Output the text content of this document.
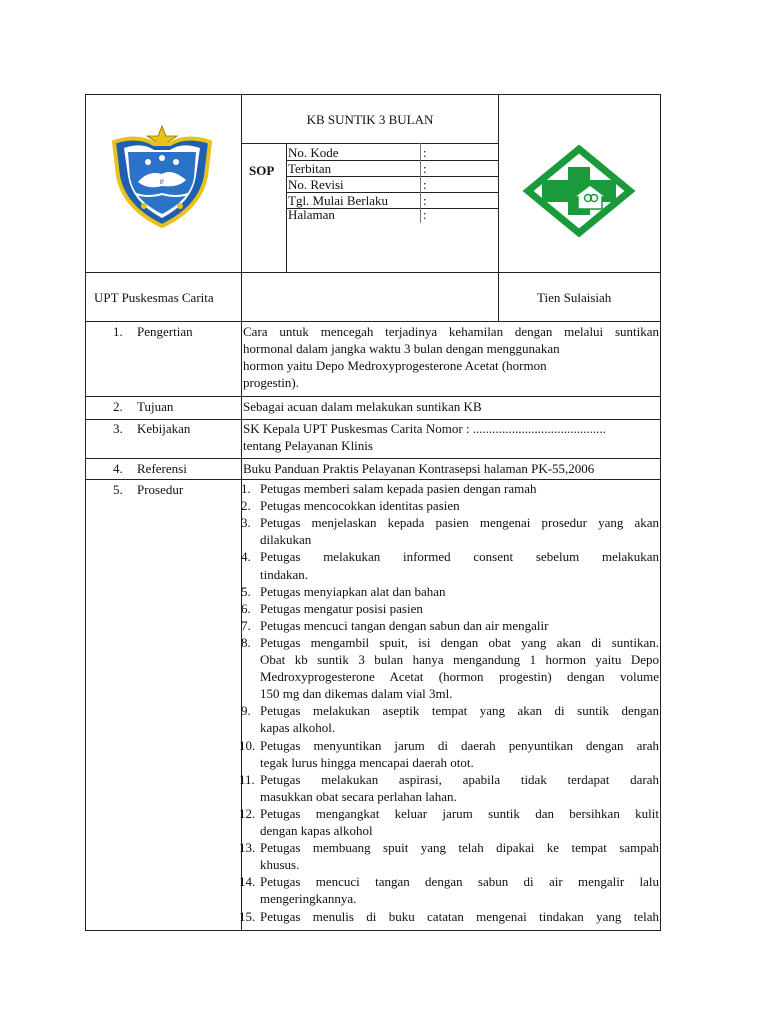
ᥱ
KB SUNTIK 3 BULAN
SOP
No. Kode
Terbitan
No. Revisi
Tgl. Mulai Berlaku
Halaman
:
:
:
:
:
UPT Puskesmas Carita	Tien Sulaisiah
1. Pengertian
2. Tujuan
3. Kebijakan
4. Referensi
5. Prosedur
Cara untuk mencegah terjadinya kehamilan dengan melalui suntikan
hormonal dalam jangka waktu 3 bulan dengan menggunakan
hormon yaitu Depo Medroxyprogesterone Acetat (hormon
progestin).
Sebagai acuan dalam melakukan suntikan KB
SK Kepala UPT Puskesmas Carita Nomor : .........................................
tentang Pelayanan Klinis
Buku Panduan Praktis Pelayanan Kontrasepsi halaman PK-55,2006
1. Petugas memberi salam kepada pasien dengan ramah
2. Petugas mencocokkan identitas pasien
3. Petugas menjelaskan kepada pasien mengenai prosedur yang akan
dilakukan
4. Petugas melakukan informed consent sebelum melakukan
tindakan.
5. Petugas menyiapkan alat dan bahan
6. Petugas mengatur posisi pasien
7. Petugas mencuci tangan dengan sabun dan air mengalir
8. Petugas mengambil spuit, isi dengan obat yang akan di suntikan.
Obat kb suntik 3 bulan hanya mengandung 1 hormon yaitu Depo
Medroxyprogesterone Acetat (hormon progestin) dengan volume
150 mg dan dikemas dalam vial 3ml.
9. Petugas melakukan aseptik tempat yang akan di suntik dengan
kapas alkohol.
10. Petugas menyuntikan jarum di daerah penyuntikan dengan arah
tegak lurus hingga mencapai daerah otot.
11. Petugas melakukan aspirasi, apabila tidak terdapat darah
masukkan obat secara perlahan lahan.
12. Petugas mengangkat keluar jarum suntik dan bersihkan kulit
dengan kapas alkohol
13. Petugas membuang spuit yang telah dipakai ke tempat sampah
khusus.
14. Petugas mencuci tangan dengan sabun di air mengalir lalu
mengeringkannya.
15. Petugas menulis di buku catatan mengenai tindakan yang telah
